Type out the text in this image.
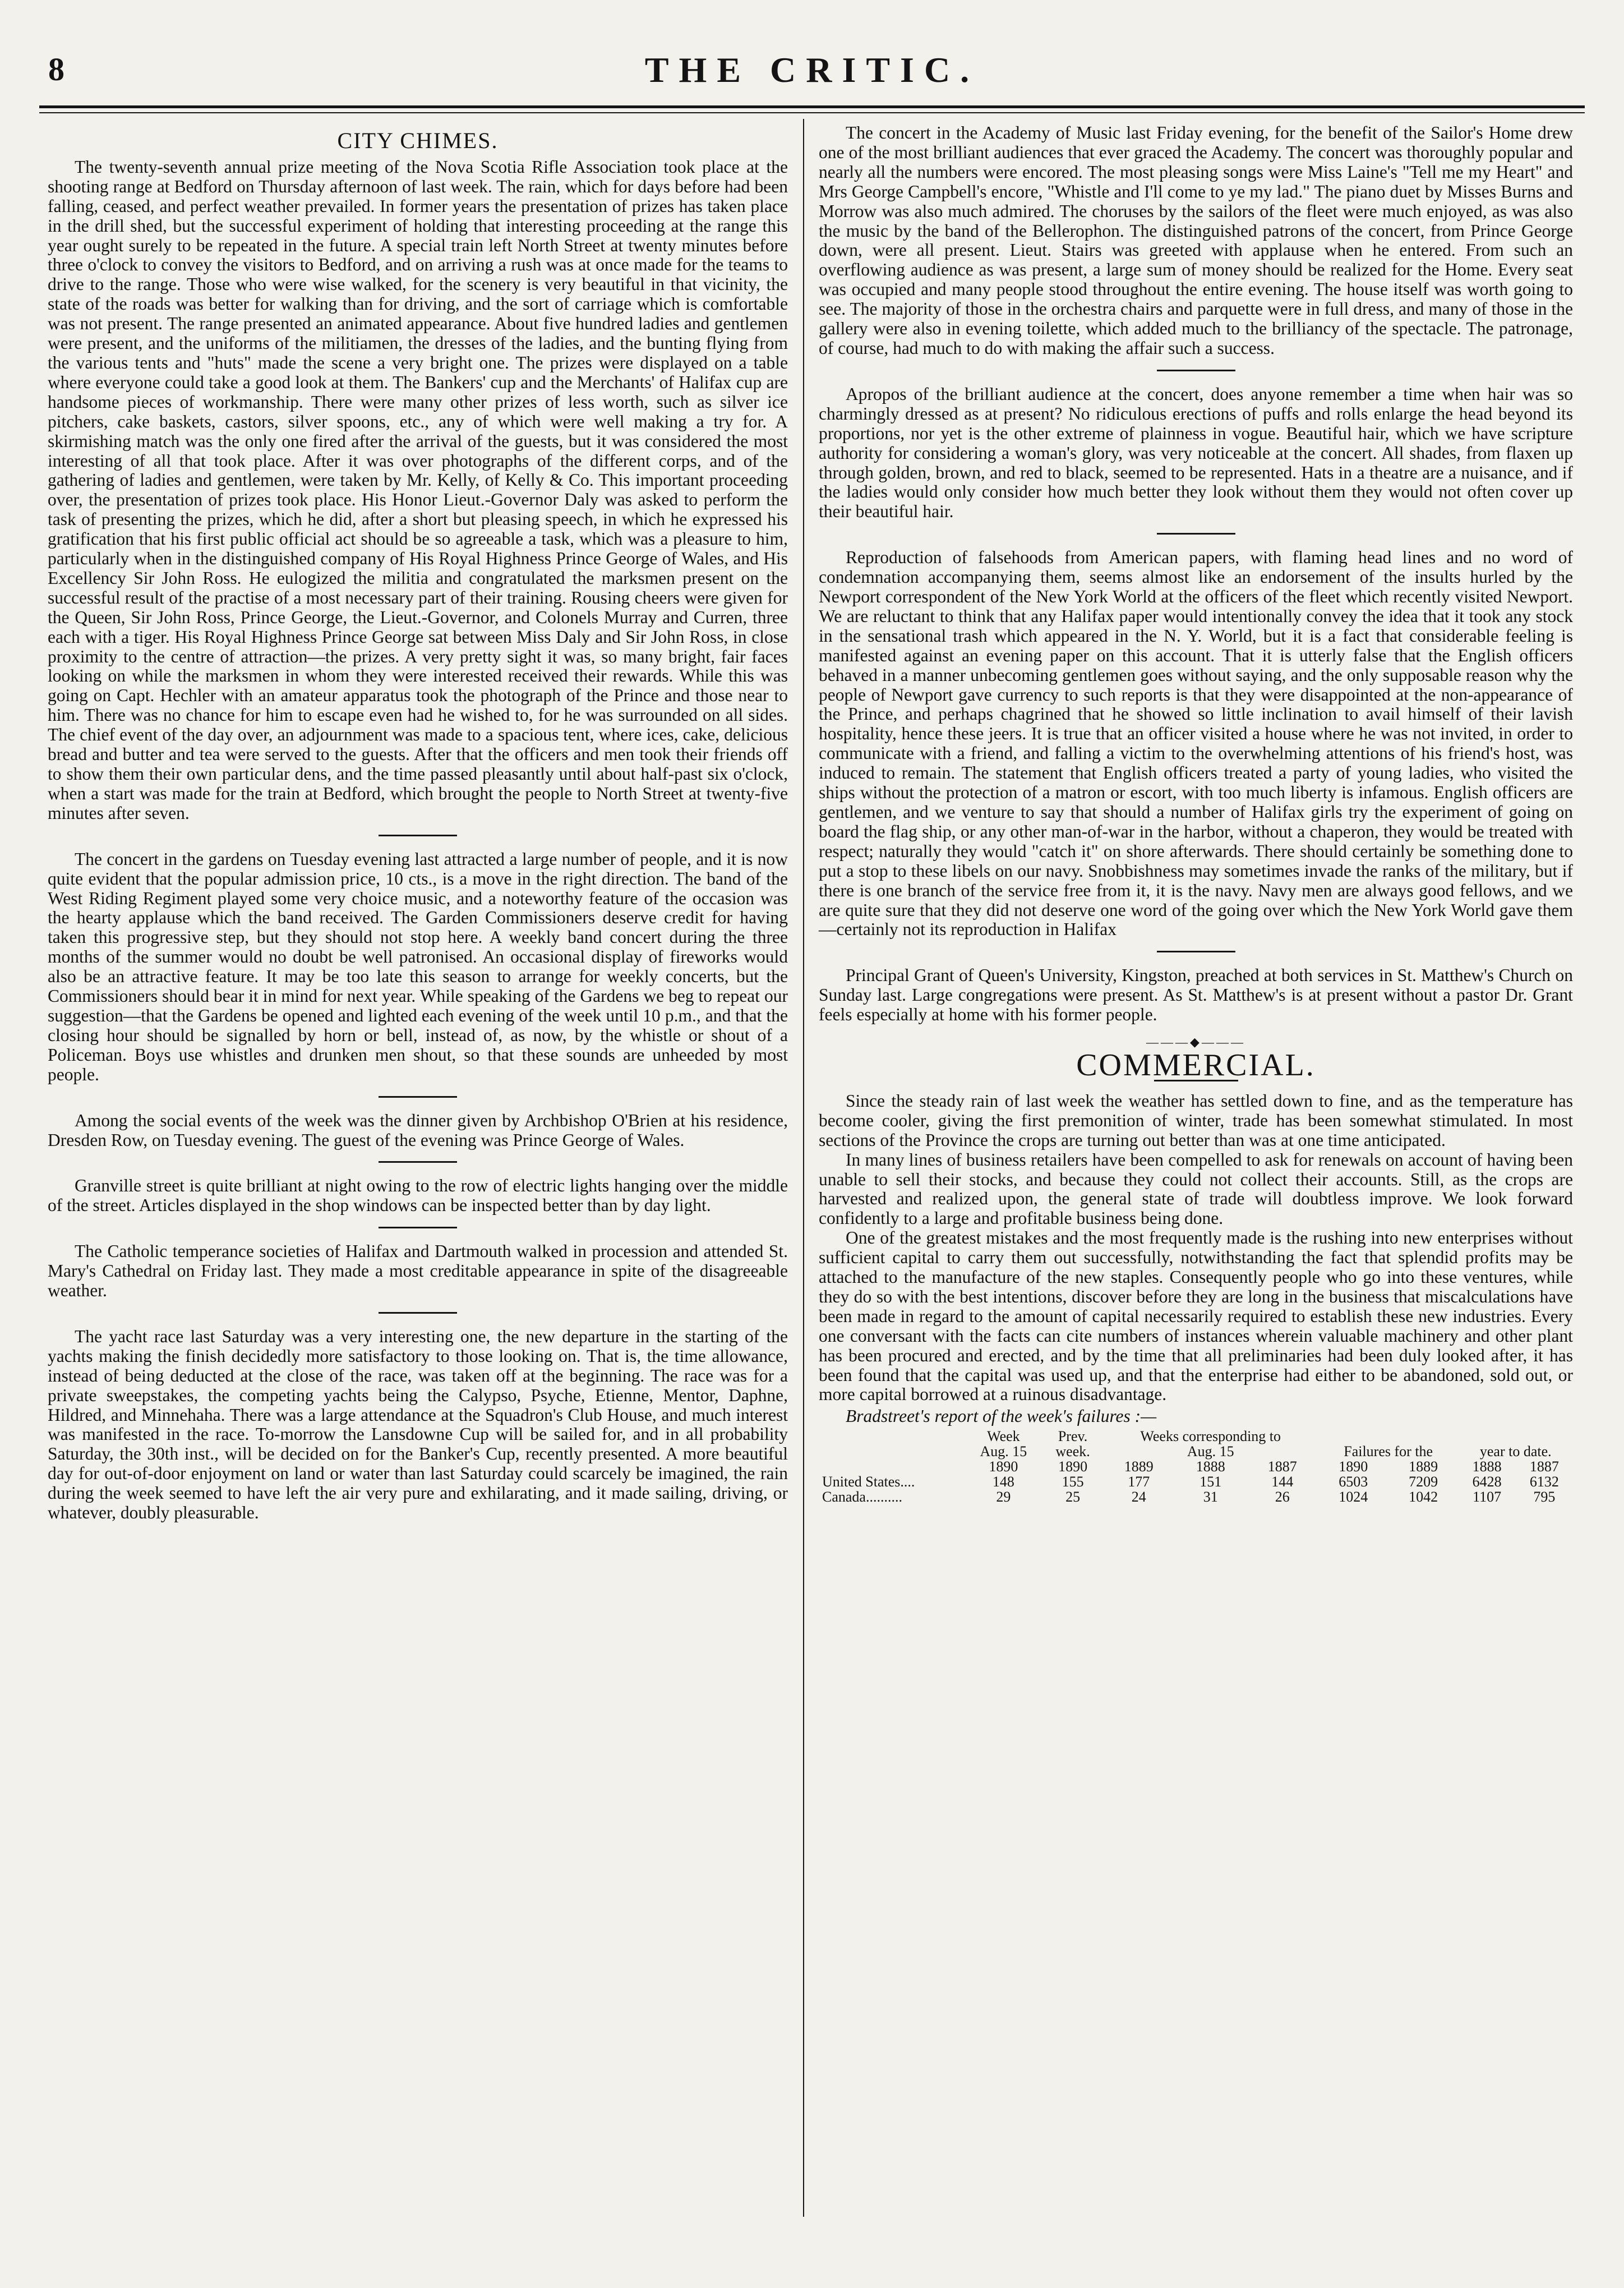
8	THE CRITIC.
CITY CHIMES.

The twenty-seventh annual prize meeting of the Nova Scotia Rifle Association took place at the shooting range at Bedford on Thursday afternoon of last week. The rain, which for days before had been falling, ceased, and perfect weather prevailed. In former years the presentation of prizes has taken place in the drill shed, but the successful experiment of holding that interesting proceeding at the range this year ought surely to be repeated in the future. A special train left North Street at twenty minutes before three o'clock to convey the visitors to Bedford, and on arriving a rush was at once made for the teams to drive to the range. Those who were wise walked, for the scenery is very beautiful in that vicinity, the state of the roads was better for walking than for driving, and the sort of carriage which is comfortable was not present. The range presented an animated appearance. About five hundred ladies and gentlemen were present, and the uniforms of the militiamen, the dresses of the ladies, and the bunting flying from the various tents and "huts" made the scene a very bright one. The prizes were displayed on a table where everyone could take a good look at them. The Bankers' cup and the Merchants' of Halifax cup are handsome pieces of workmanship. There were many other prizes of less worth, such as silver ice pitchers, cake baskets, castors, silver spoons, etc., any of which were well making a try for. A skirmishing match was the only one fired after the arrival of the guests, but it was considered the most interesting of all that took place. After it was over photographs of the different corps, and of the gathering of ladies and gentlemen, were taken by Mr. Kelly, of Kelly & Co. This important proceeding over, the presentation of prizes took place. His Honor Lieut.-Governor Daly was asked to perform the task of presenting the prizes, which he did, after a short but pleasing speech, in which he expressed his gratification that his first public official act should be so agreeable a task, which was a pleasure to him, particularly when in the distinguished company of His Royal Highness Prince George of Wales, and His Excellency Sir John Ross. He eulogized the militia and congratulated the marksmen present on the successful result of the practise of a most necessary part of their training. Rousing cheers were given for the Queen, Sir John Ross, Prince George, the Lieut.-Governor, and Colonels Murray and Curren, three each with a tiger. His Royal Highness Prince George sat between Miss Daly and Sir John Ross, in close proximity to the centre of attraction—the prizes. A very pretty sight it was, so many bright, fair faces looking on while the marksmen in whom they were interested received their rewards. While this was going on Capt. Hechler with an amateur apparatus took the photograph of the Prince and those near to him. There was no chance for him to escape even had he wished to, for he was surrounded on all sides. The chief event of the day over, an adjournment was made to a spacious tent, where ices, cake, delicious bread and butter and tea were served to the guests. After that the officers and men took their friends off to show them their own particular dens, and the time passed pleasantly until about half-past six o'clock, when a start was made for the train at Bedford, which brought the people to North Street at twenty-five minutes after seven.

The concert in the gardens on Tuesday evening last attracted a large number of people, and it is now quite evident that the popular admission price, 10 cts., is a move in the right direction. The band of the West Riding Regiment played some very choice music, and a noteworthy feature of the occasion was the hearty applause which the band received. The Garden Commissioners deserve credit for having taken this progressive step, but they should not stop here. A weekly band concert during the three months of the summer would no doubt be well patronised. An occasional display of fireworks would also be an attractive feature. It may be too late this season to arrange for weekly concerts, but the Commissioners should bear it in mind for next year. While speaking of the Gardens we beg to repeat our suggestion—that the Gardens be opened and lighted each evening of the week until 10 p.m., and that the closing hour should be signalled by horn or bell, instead of, as now, by the whistle or shout of a Policeman. Boys use whistles and drunken men shout, so that these sounds are unheeded by most people.

Among the social events of the week was the dinner given by Archbishop O'Brien at his residence, Dresden Row, on Tuesday evening. The guest of the evening was Prince George of Wales.

Granville street is quite brilliant at night owing to the row of electric lights hanging over the middle of the street. Articles displayed in the shop windows can be inspected better than by day light.

The Catholic temperance societies of Halifax and Dartmouth walked in procession and attended St. Mary's Cathedral on Friday last. They made a most creditable appearance in spite of the disagreeable weather.

The yacht race last Saturday was a very interesting one, the new departure in the starting of the yachts making the finish decidedly more satisfactory to those looking on. That is, the time allowance, instead of being deducted at the close of the race, was taken off at the beginning. The race was for a private sweepstakes, the competing yachts being the Calypso, Psyche, Etienne, Mentor, Daphne, Hildred, and Minnehaha. There was a large attendance at the Squadron's Club House, and much interest was manifested in the race. To-morrow the Lansdowne Cup will be sailed for, and in all probability Saturday, the 30th inst., will be decided on for the Banker's Cup, recently presented. A more beautiful day for out-of-door enjoyment on land or water than last Saturday could scarcely be imagined, the rain during the week seemed to have left the air very pure and exhilarating, and it made sailing, driving, or whatever, doubly pleasurable.

The concert in the Academy of Music last Friday evening, for the benefit of the Sailor's Home drew one of the most brilliant audiences that ever graced the Academy. The concert was thoroughly popular and nearly all the numbers were encored. The most pleasing songs were Miss Laine's "Tell me my Heart" and Mrs George Campbell's encore, "Whistle and I'll come to ye my lad." The piano duet by Misses Burns and Morrow was also much admired. The choruses by the sailors of the fleet were much enjoyed, as was also the music by the band of the Bellerophon. The distinguished patrons of the concert, from Prince George down, were all present. Lieut. Stairs was greeted with applause when he entered. From such an overflowing audience as was present, a large sum of money should be realized for the Home. Every seat was occupied and many people stood throughout the entire evening. The house itself was worth going to see. The majority of those in the orchestra chairs and parquette were in full dress, and many of those in the gallery were also in evening toilette, which added much to the brilliancy of the spectacle. The patronage, of course, had much to do with making the affair such a success.

Apropos of the brilliant audience at the concert, does anyone remember a time when hair was so charmingly dressed as at present? No ridiculous erections of puffs and rolls enlarge the head beyond its proportions, nor yet is the other extreme of plainness in vogue. Beautiful hair, which we have scripture authority for considering a woman's glory, was very noticeable at the concert. All shades, from flaxen up through golden, brown, and red to black, seemed to be represented. Hats in a theatre are a nuisance, and if the ladies would only consider how much better they look without them they would not often cover up their beautiful hair.

Reproduction of falsehoods from American papers, with flaming head lines and no word of condemnation accompanying them, seems almost like an endorsement of the insults hurled by the Newport correspondent of the New York World at the officers of the fleet which recently visited Newport. We are reluctant to think that any Halifax paper would intentionally convey the idea that it took any stock in the sensational trash which appeared in the N. Y. World, but it is a fact that considerable feeling is manifested against an evening paper on this account. That it is utterly false that the English officers behaved in a manner unbecoming gentlemen goes without saying, and the only supposable reason why the people of Newport gave currency to such reports is that they were disappointed at the non-appearance of the Prince, and perhaps chagrined that he showed so little inclination to avail himself of their lavish hospitality, hence these jeers. It is true that an officer visited a house where he was not invited, in order to communicate with a friend, and falling a victim to the overwhelming attentions of his friend's host, was induced to remain. The statement that English officers treated a party of young ladies, who visited the ships without the protection of a matron or escort, with too much liberty is infamous. English officers are gentlemen, and we venture to say that should a number of Halifax girls try the experiment of going on board the flag ship, or any other man-of-war in the harbor, without a chaperon, they would be treated with respect; naturally they would "catch it" on shore afterwards. There should certainly be something done to put a stop to these libels on our navy. Snobbishness may sometimes invade the ranks of the military, but if there is one branch of the service free from it, it is the navy. Navy men are always good fellows, and we are quite sure that they did not deserve one word of the going over which the New York World gave them—certainly not its reproduction in Halifax

Principal Grant of Queen's University, Kingston, preached at both services in St. Matthew's Church on Sunday last. Large congregations were present. As St. Matthew's is at present without a pastor Dr. Grant feels especially at home with his former people.

———◆———
COMMERCIAL.

Since the steady rain of last week the weather has settled down to fine, and as the temperature has become cooler, giving the first premonition of winter, trade has been somewhat stimulated. In most sections of the Province the crops are turning out better than was at one time anticipated.

In many lines of business retailers have been compelled to ask for renewals on account of having been unable to sell their stocks, and because they could not collect their accounts. Still, as the crops are harvested and realized upon, the general state of trade will doubtless improve. We look forward confidently to a large and profitable business being done.

One of the greatest mistakes and the most frequently made is the rushing into new enterprises without sufficient capital to carry them out successfully, notwithstanding the fact that splendid profits may be attached to the manufacture of the new staples. Consequently people who go into these ventures, while they do so with the best intentions, discover before they are long in the business that miscalculations have been made in regard to the amount of capital necessarily required to establish these new industries. Every one conversant with the facts can cite numbers of instances wherein valuable machinery and other plant has been procured and erected, and by the time that all preliminaries had been duly looked after, it has been found that the capital was used up, and that the enterprise had either to be abandoned, sold out, or more capital borrowed at a ruinous disadvantage.

Bradstreet's report of the week's failures :—
	Week	Prev.	Weeks corresponding to						
	Aug. 15	week.	Aug. 15			Failures for the		year to date.	
	1890	1890	1889	1888	1887	1890	1889	1888	1887
United States....	148	155	177	151	144	6503	7209	6428	6132
Canada..........	29	25	24	31	26	1024	1042	1107	795
